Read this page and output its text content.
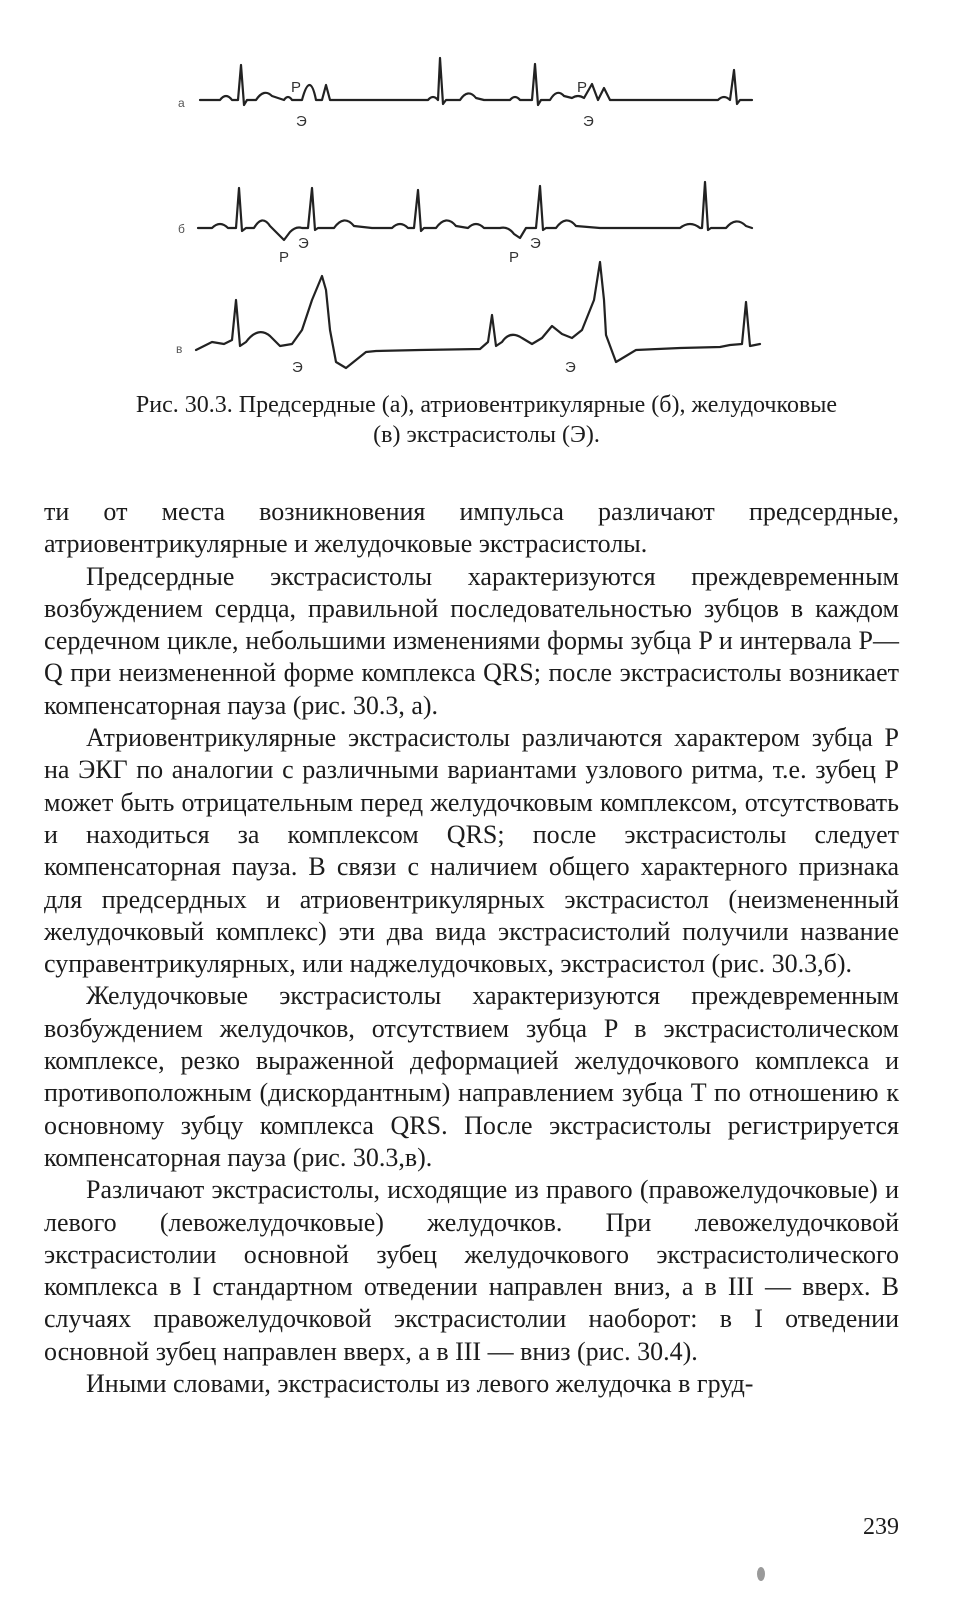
а
P
Э
P
Э
б
P
Э
P
Э
в
Э	Э
Рис. 30.3. Предсердные (а), атриовентрикулярные (б), желудочковые
(в) экстрасистолы (Э).

ти от места возникновения импульса различают предсердные, атриовентрикулярные и желудочковые экстрасистолы.

Предсердные экстрасистолы характеризуются преждевременным возбуждением сердца, правильной последовательностью зубцов в каждом сердечном цикле, небольшими изменениями формы зубца P и интервала P—Q при неизмененной форме комплекса QRS; после экстрасистолы возникает компенсаторная пауза (рис. 30.3, а).

Атриовентрикулярные экстрасистолы различаются характером зубца P на ЭКГ по аналогии с различными вариантами узлового ритма, т.е. зубец P может быть отрицательным перед желудочковым комплексом, отсутствовать и находиться за комплексом QRS; после экстрасистолы следует компенсаторная пауза. В связи с наличием общего характерного признака для предсердных и атриовентрикулярных экстрасистол (неизмененный желудочковый комплекс) эти два вида экстрасистолий получили название суправентрикулярных, или наджелудочковых, экстрасистол (рис. 30.3,б).

Желудочковые экстрасистолы характеризуются преждевременным возбуждением желудочков, отсутствием зубца P в экстрасистолическом комплексе, резко выраженной деформацией желудочкового комплекса и противоположным (дискордантным) направлением зубца T по отношению к основному зубцу комплекса QRS. После экстрасистолы регистрируется компенсаторная пауза (рис. 30.3,в).

Различают экстрасистолы, исходящие из правого (правожелудочковые) и левого (левожелудочковые) желудочков. При левожелудочковой экстрасистолии основной зубец желудочкового экстрасистолического комплекса в I стандартном отведении направлен вниз, а в III — вверх. В случаях правожелудочковой экстрасистолии наоборот: в I отведении основной зубец направлен вверх, а в III — вниз (рис. 30.4).

Иными словами, экстрасистолы из левого желудочка в груд-

239
